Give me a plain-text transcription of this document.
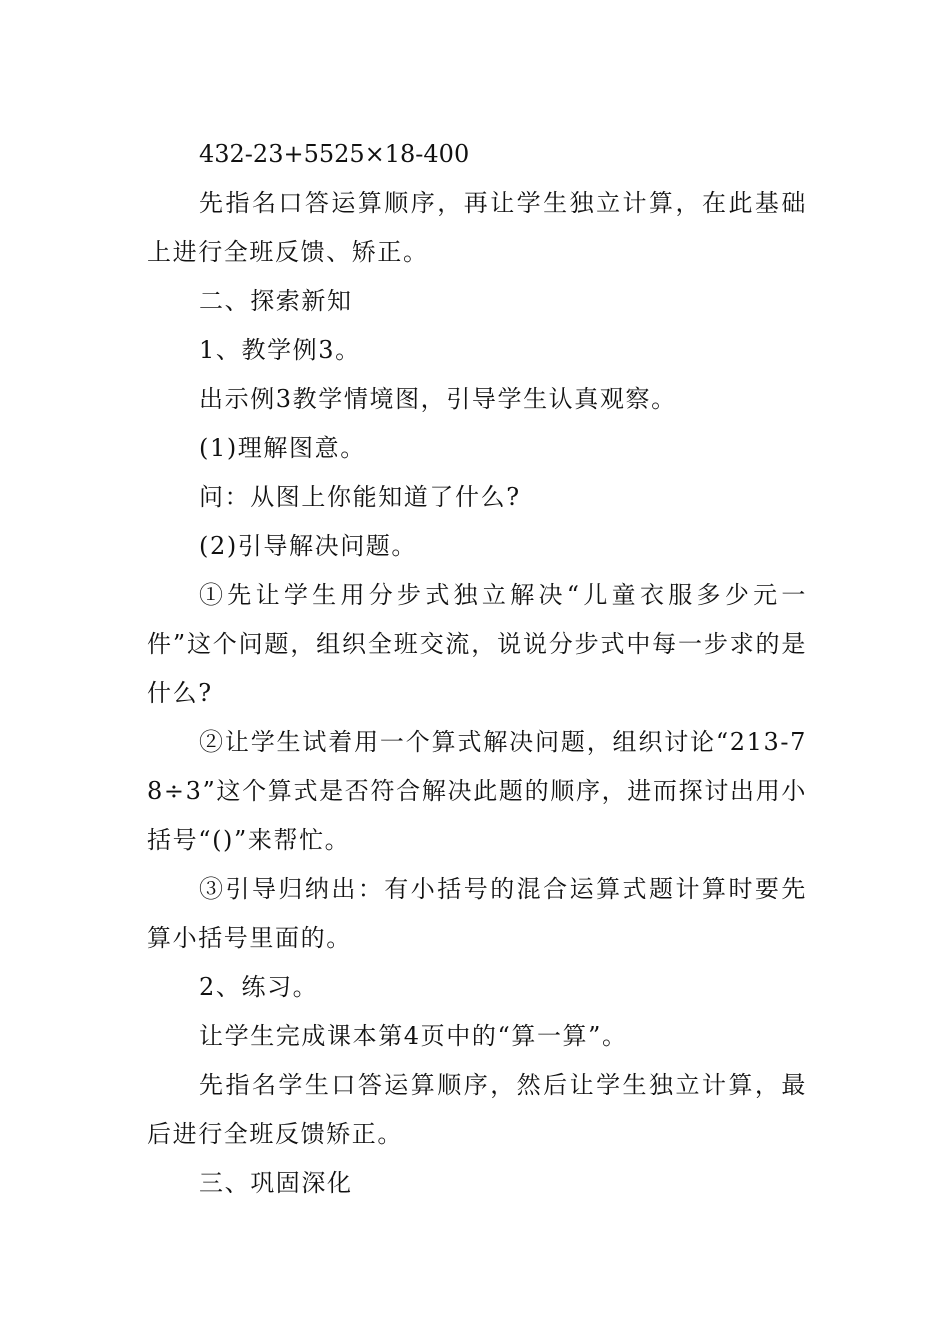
432-23+5525×18-400

先指名口答运算顺序，再让学生独立计算，在此基础上进行全班反馈、矫正。

二、探索新知

1、教学例3。

出示例3教学情境图，引导学生认真观察。

(1)理解图意。

问：从图上你能知道了什么?

(2)引导解决问题。

①先让学生用分步式独立解决“儿童衣服多少元一件”这个问题，组织全班交流，说说分步式中每一步求的是什么?

②让学生试着用一个算式解决问题，组织讨论“213-78÷3”这个算式是否符合解决此题的顺序，进而探讨出用小括号“()”来帮忙。

③引导归纳出：有小括号的混合运算式题计算时要先算小括号里面的。

2、练习。

让学生完成课本第4页中的“算一算”。

先指名学生口答运算顺序，然后让学生独立计算，最后进行全班反馈矫正。

三、巩固深化
